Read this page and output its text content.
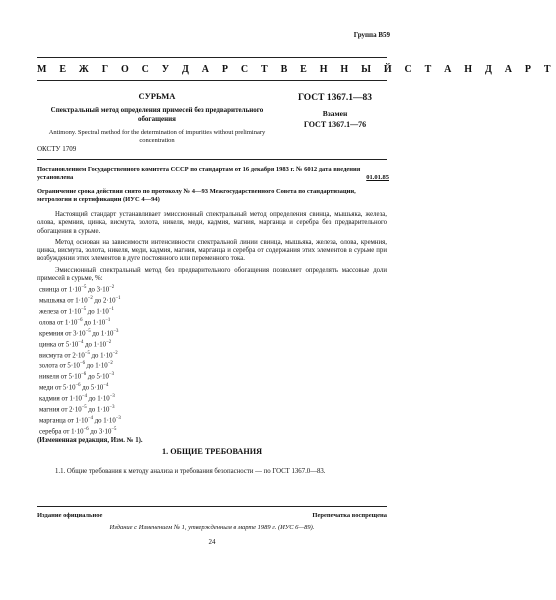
Группа В59
М Е Ж Г О С У Д А Р С Т В Е Н Н Ы Й С Т А Н Д А Р Т
СУРЬМА
Спектральный метод определения примесей без предварительного обогащения
Antimony. Spectral method for the determination of impurities without preliminary concentration
ГОСТ 1367.1—83
Взамен
ГОСТ 1367.1—76
ОКСТУ 1709
Постановлением Государственного комитета СССР по стандартам от 16 декабря 1983 г. № 6012 дата введения установлена	01.01.85
Ограничение срока действия снято по протоколу № 4—93 Межгосударственного Совета по стандартизации, метрологии и сертификации (ИУС 4—94)

Настоящий стандарт устанавливает эмиссионный спектральный метод определения свинца, мышьяка, железа, олова, кремния, цинка, висмута, золота, никеля, меди, кадмия, магния, марганца и серебра без предварительного обогащения в сурьме.

Метод основан на зависимости интенсивности спектральной линии свинца, мышьяка, железа, олова, кремния, цинка, висмута, золота, никеля, меди, кадмия, магния, марганца и серебра от содержания этих элементов в сурьме при возбуждении этих элементов в дуге постоянного или переменного тока.

Эмиссионный спектральный метод без предварительного обогащения позволяет определять массовые доли примесей в сурьме, %:

свинца от $1\cdot 10^{-5}$ до $3\cdot 10^{-2}$
мышьяка от $1\cdot 10^{-2}$ до $2\cdot 10^{-1}$
железа от $1\cdot 10^{-5}$ до $1\cdot 10^{-1}$
олова от $1\cdot 10^{-6}$ до $1\cdot 10^{-1}$
кремния от $3\cdot 10^{-5}$ до $1\cdot 10^{-3}$
цинка от $5\cdot 10^{-4}$ до $1\cdot 10^{-2}$
висмута от $2\cdot 10^{-5}$ до $1\cdot 10^{-2}$
золота от $5\cdot 10^{-6}$ до $1\cdot 10^{-2}$
никеля от $5\cdot 10^{-6}$ до $5\cdot 10^{-3}$
меди от $5\cdot 10^{-6}$ до $5\cdot 10^{-4}$
кадмия от $1\cdot 10^{-4}$ до $1\cdot 10^{-3}$
магния от $2\cdot 10^{-5}$ до $1\cdot 10^{-3}$
марганца от $1\cdot 10^{-4}$ до $1\cdot 10^{-3}$
серебра от $1\cdot 10^{-6}$ до $3\cdot 10^{-5}$
(Измененная редакция, Изм. № 1).
1. ОБЩИЕ ТРЕБОВАНИЯ
1.1. Общие требования к методу анализа и требования безопасности — по ГОСТ 1367.0—83.
Издание официальное	Перепечатка воспрещена
Издание с Изменением № 1, утвержденным в марте 1989 г. (ИУС 6—89).
24
